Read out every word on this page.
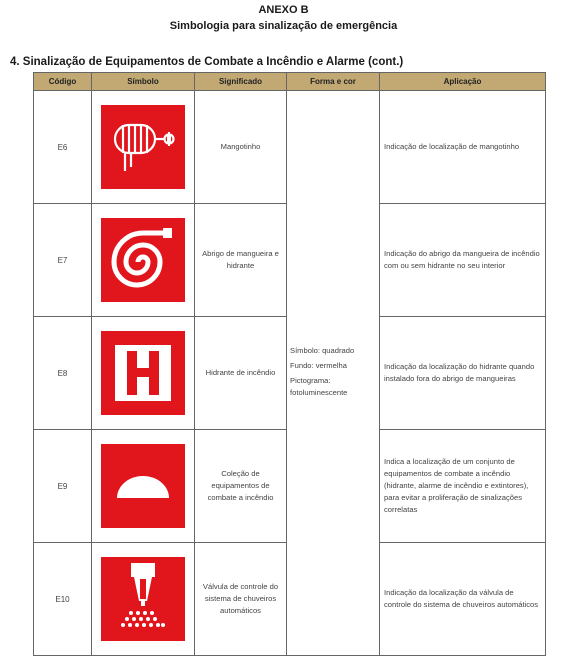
ANEXO B
Simbologia para sinalização de emergência
4. Sinalização de Equipamentos de Combate a Incêndio e Alarme (cont.)
Código	Símbolo	Significado	Forma e cor	Aplicação
E6		Mangotinho	Símbolo: quadrado

Fundo: vermelha

Pictograma:

fotoluminescente	Indicação de localização de mangotinho
E7		Abrigo de mangueira e hidrante		Indicação do abrigo da mangueira de incêndio com ou sem hidrante no seu interior
E8		Hidrante de incêndio		Indicação da localização do hidrante quando instalado fora do abrigo de mangueiras
E9		Coleção de equipamentos de combate a incêndio		Indica a localização de um conjunto de equipamentos de combate a incêndio (hidrante, alarme de incêndio e extintores), para evitar a proliferação de sinalizações correlatas
E10		Válvula de controle do sistema de chuveiros automáticos		Indicação da localização da válvula de controle do sistema de chuveiros automáticos
